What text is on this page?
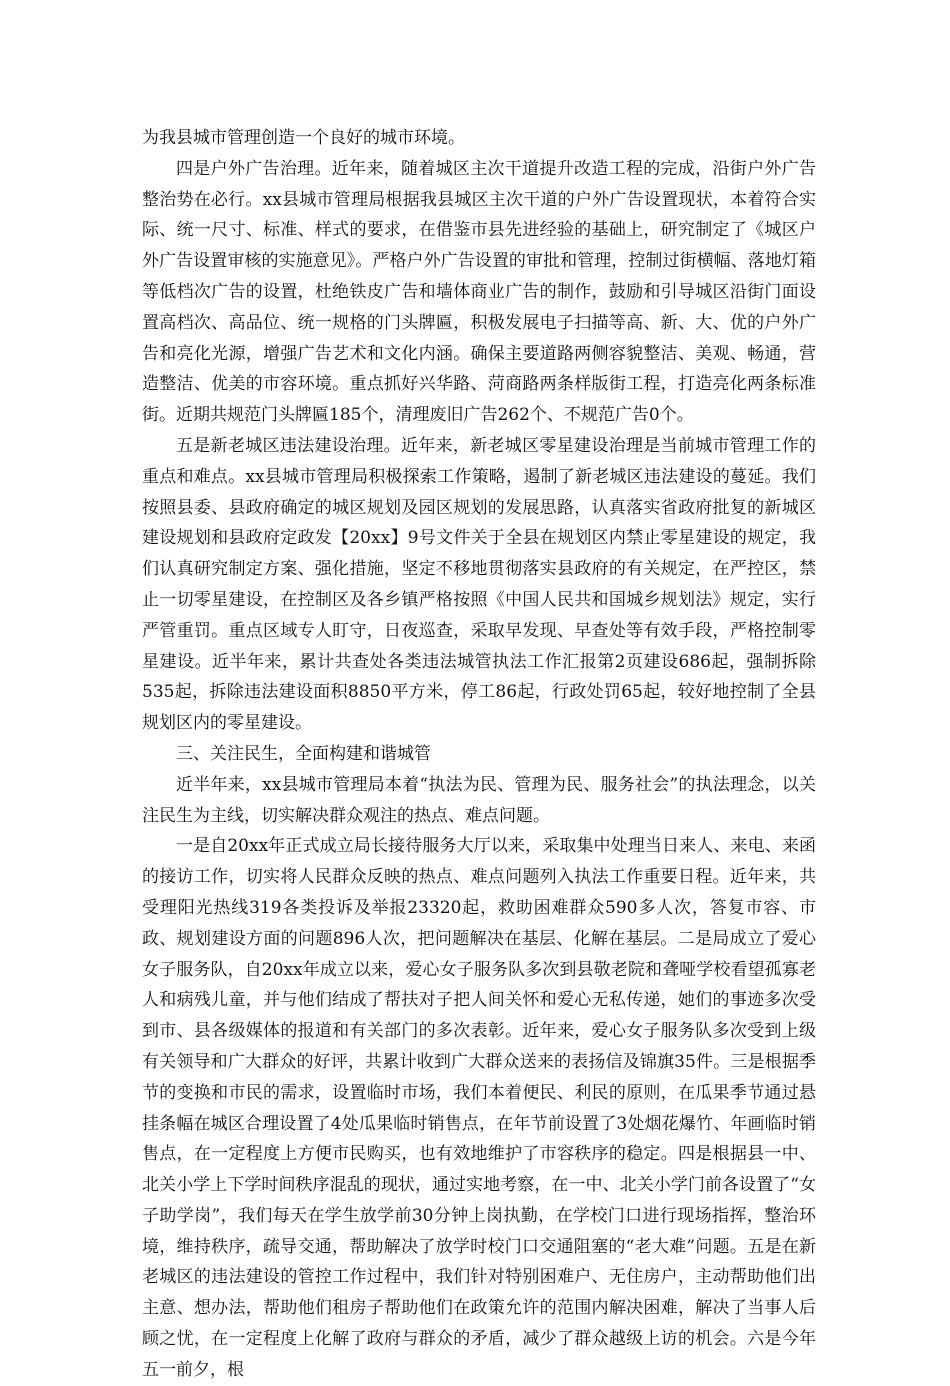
为我县城市管理创造一个良好的城市环境。

四是户外广告治理。近年来，随着城区主次干道提升改造工程的完成，沿街户外广告整治势在必行。xx县城市管理局根据我县城区主次干道的户外广告设置现状，本着符合实际、统一尺寸、标准、样式的要求，在借鉴市县先进经验的基础上，研究制定了《城区户外广告设置审核的实施意见》。严格户外广告设置的审批和管理，控制过街横幅、落地灯箱等低档次广告的设置，杜绝铁皮广告和墙体商业广告的制作，鼓励和引导城区沿街门面设置高档次、高品位、统一规格的门头牌匾，积极发展电子扫描等高、新、大、优的户外广告和亮化光源，增强广告艺术和文化内涵。确保主要道路两侧容貌整洁、美观、畅通，营造整洁、优美的市容环境。重点抓好兴华路、菏商路两条样版街工程，打造亮化两条标准街。近期共规范门头牌匾185个，清理废旧广告262个、不规范广告0个。

五是新老城区违法建设治理。近年来，新老城区零星建设治理是当前城市管理工作的重点和难点。xx县城市管理局积极探索工作策略，遏制了新老城区违法建设的蔓延。我们按照县委、县政府确定的城区规划及园区规划的发展思路，认真落实省政府批复的新城区建设规划和县政府定政发【20xx】9号文件关于全县在规划区内禁止零星建设的规定，我们认真研究制定方案、强化措施，坚定不移地贯彻落实县政府的有关规定，在严控区，禁止一切零星建设，在控制区及各乡镇严格按照《中国人民共和国城乡规划法》规定，实行严管重罚。重点区域专人盯守，日夜巡查，采取早发现、早查处等有效手段，严格控制零星建设。近半年来，累计共查处各类违法城管执法工作汇报第2页建设686起，强制拆除535起，拆除违法建设面积8850平方米，停工86起，行政处罚65起，较好地控制了全县规划区内的零星建设。

三、关注民生，全面构建和谐城管

近半年来，xx县城市管理局本着“执法为民、管理为民、服务社会”的执法理念，以关注民生为主线，切实解决群众观注的热点、难点问题。

一是自20xx年正式成立局长接待服务大厅以来，采取集中处理当日来人、来电、来函的接访工作，切实将人民群众反映的热点、难点问题列入执法工作重要日程。近年来，共受理阳光热线319各类投诉及举报23320起，救助困难群众590多人次，答复市容、市政、规划建设方面的问题896人次，把问题解决在基层、化解在基层。二是局成立了爱心女子服务队，自20xx年成立以来，爱心女子服务队多次到县敬老院和聋哑学校看望孤寡老人和病残儿童，并与他们结成了帮扶对子把人间关怀和爱心无私传递，她们的事迹多次受到市、县各级媒体的报道和有关部门的多次表彰。近年来，爱心女子服务队多次受到上级有关领导和广大群众的好评，共累计收到广大群众送来的表扬信及锦旗35件。三是根据季节的变换和市民的需求，设置临时市场，我们本着便民、利民的原则，在瓜果季节通过悬挂条幅在城区合理设置了4处瓜果临时销售点，在年节前设置了3处烟花爆竹、年画临时销售点，在一定程度上方便市民购买，也有效地维护了市容秩序的稳定。四是根据县一中、北关小学上下学时间秩序混乱的现状，通过实地考察，在一中、北关小学门前各设置了“女子助学岗”，我们每天在学生放学前30分钟上岗执勤，在学校门口进行现场指挥，整治环境，维持秩序，疏导交通，帮助解决了放学时校门口交通阻塞的“老大难”问题。五是在新老城区的违法建设的管控工作过程中，我们针对特别困难户、无住房户，主动帮助他们出主意、想办法，帮助他们租房子帮助他们在政策允许的范围内解决困难，解决了当事人后顾之忧，在一定程度上化解了政府与群众的矛盾，减少了群众越级上访的机会。六是今年五一前夕，根
